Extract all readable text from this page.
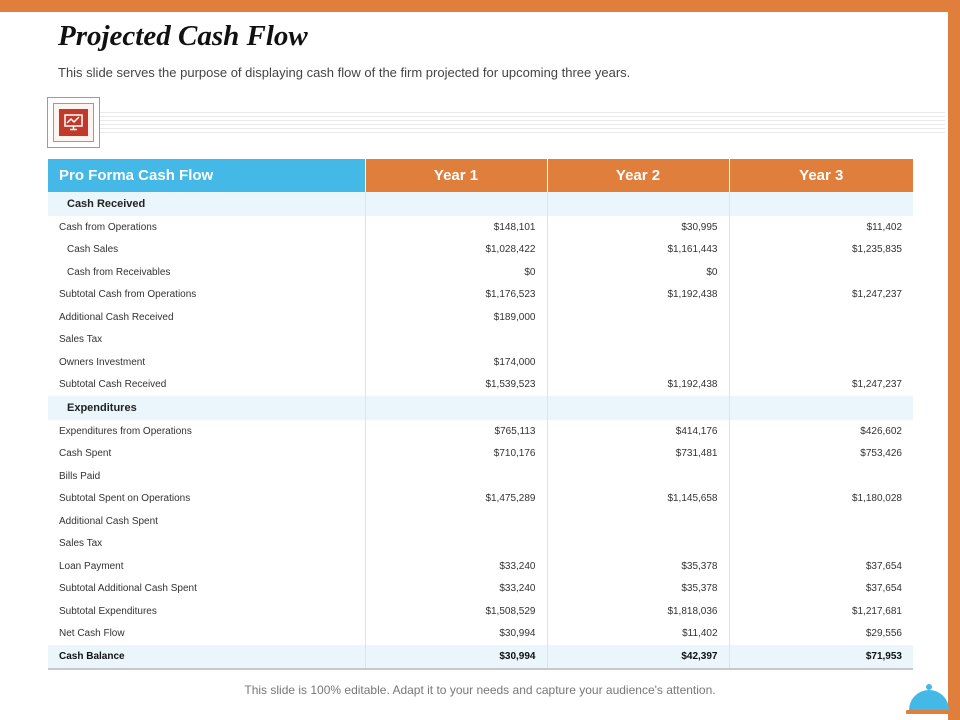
Projected Cash Flow

This slide serves the purpose of displaying cash flow of the firm projected for upcoming three years.

Pro Forma Cash Flow	Year 1	Year 2	Year 3
Cash Received			
Cash from Operations	$148,101	$30,995	$11,402
Cash Sales	$1,028,422	$1,161,443	$1,235,835
Cash from Receivables	$0	$0	
Subtotal Cash from Operations	$1,176,523	$1,192,438	$1,247,237
Additional Cash Received	$189,000		
Sales Tax			
Owners Investment	$174,000		
Subtotal Cash Received	$1,539,523	$1,192,438	$1,247,237
Expenditures			
Expenditures from Operations	$765,113	$414,176	$426,602
Cash Spent	$710,176	$731,481	$753,426
Bills Paid			
Subtotal Spent on Operations	$1,475,289	$1,145,658	$1,180,028
Additional Cash Spent			
Sales Tax			
Loan Payment	$33,240	$35,378	$37,654
Subtotal Additional Cash Spent	$33,240	$35,378	$37,654
Subtotal Expenditures	$1,508,529	$1,818,036	$1,217,681
Net Cash Flow	$30,994	$11,402	$29,556
Cash Balance	$30,994	$42,397	$71,953

This slide is 100% editable. Adapt it to your needs and capture your audience's attention.
